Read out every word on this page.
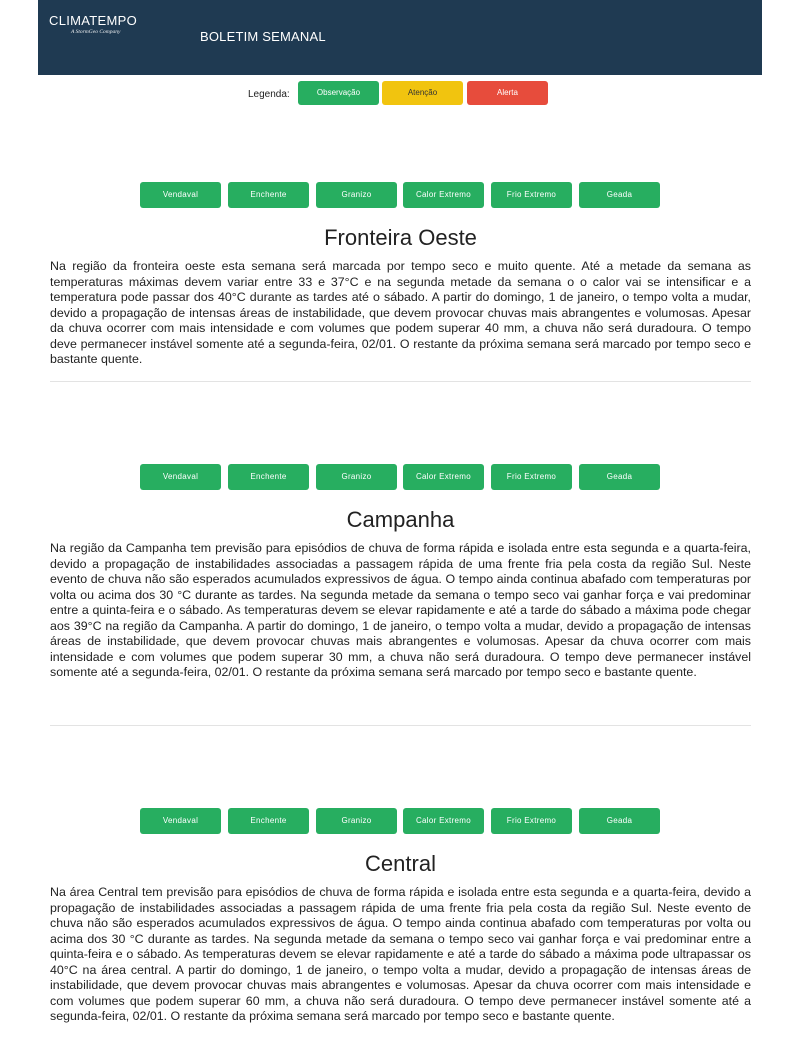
CLIMATEMPO
A StormGeo Company	BOLETIM SEMANAL
Legenda:	Observação	Atenção	Alerta
Vendaval	Enchente	Granizo	Calor Extremo	Frio Extremo	Geada
Fronteira Oeste

Na região da fronteira oeste esta semana será marcada por tempo seco e muito quente. Até a metade da semana as temperaturas máximas devem variar entre 33 e 37°C e na segunda metade da semana o o calor vai se intensificar e a temperatura pode passar dos 40°C durante as tardes até o sábado. A partir do domingo, 1 de janeiro, o tempo volta a mudar, devido a propagação de intensas áreas de instabilidade, que devem provocar chuvas mais abrangentes e volumosas. Apesar da chuva ocorrer com mais intensidade e com volumes que podem superar 40 mm, a chuva não será duradoura. O tempo deve permanecer instável somente até a segunda-feira, 02/01. O restante da próxima semana será marcado por tempo seco e bastante quente.

Vendaval	Enchente	Granizo	Calor Extremo	Frio Extremo	Geada
Campanha

Na região da Campanha tem previsão para episódios de chuva de forma rápida e isolada entre esta segunda e a quarta-feira, devido a propagação de instabilidades associadas a passagem rápida de uma frente fria pela costa da região Sul. Neste evento de chuva não são esperados acumulados expressivos de água. O tempo ainda continua abafado com temperaturas por volta ou acima dos 30 °C durante as tardes. Na segunda metade da semana o tempo seco vai ganhar força e vai predominar entre a quinta-feira e o sábado. As temperaturas devem se elevar rapidamente e até a tarde do sábado a máxima pode chegar aos 39°C na região da Campanha. A partir do domingo, 1 de janeiro, o tempo volta a mudar, devido a propagação de intensas áreas de instabilidade, que devem provocar chuvas mais abrangentes e volumosas. Apesar da chuva ocorrer com mais intensidade e com volumes que podem superar 30 mm, a chuva não será duradoura. O tempo deve permanecer instável somente até a segunda-feira, 02/01. O restante da próxima semana será marcado por tempo seco e bastante quente.

Vendaval	Enchente	Granizo	Calor Extremo	Frio Extremo	Geada
Central

Na área Central tem previsão para episódios de chuva de forma rápida e isolada entre esta segunda e a quarta-feira, devido a propagação de instabilidades associadas a passagem rápida de uma frente fria pela costa da região Sul. Neste evento de chuva não são esperados acumulados expressivos de água. O tempo ainda continua abafado com temperaturas por volta ou acima dos 30 °C durante as tardes. Na segunda metade da semana o tempo seco vai ganhar força e vai predominar entre a quinta-feira e o sábado. As temperaturas devem se elevar rapidamente e até a tarde do sábado a máxima pode ultrapassar os 40°C na área central. A partir do domingo, 1 de janeiro, o tempo volta a mudar, devido a propagação de intensas áreas de instabilidade, que devem provocar chuvas mais abrangentes e volumosas. Apesar da chuva ocorrer com mais intensidade e com volumes que podem superar 60 mm, a chuva não será duradoura. O tempo deve permanecer instável somente até a segunda-feira, 02/01. O restante da próxima semana será marcado por tempo seco e bastante quente.
